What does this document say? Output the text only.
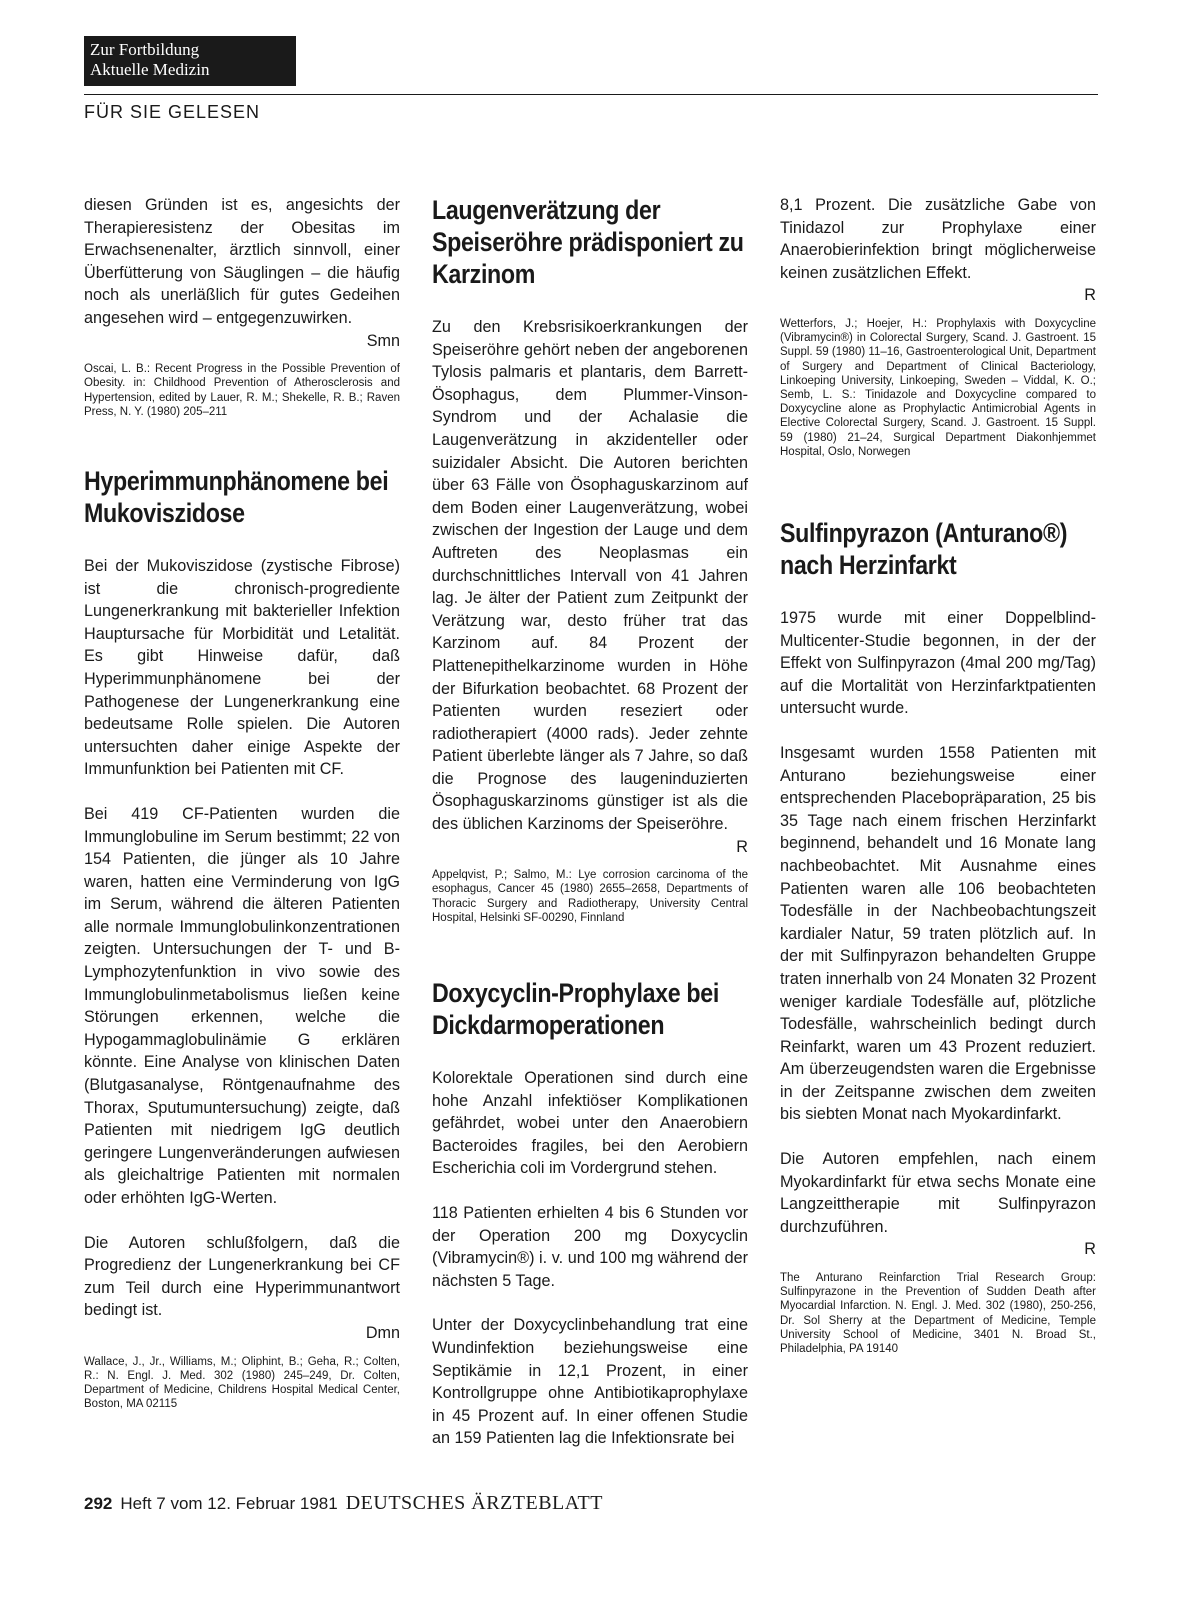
Zur Fortbildung
Aktuelle Medizin
FÜR SIE GELESEN

diesen Gründen ist es, angesichts der Therapieresistenz der Obesitas im Erwachsenenalter, ärztlich sinnvoll, einer Überfütterung von Säuglingen – die häufig noch als unerläßlich für gutes Gedeihen angesehen wird – entgegenzuwirken.
Smn

Oscai, L. B.: Recent Progress in the Possible Prevention of Obesity. in: Childhood Prevention of Atherosclerosis and Hypertension, edited by Lauer, R. M.; Shekelle, R. B.; Raven Press, N. Y. (1980) 205–211

Hyperimmunphänomene bei Mukoviszidose

Bei der Mukoviszidose (zystische Fibrose) ist die chronisch-progrediente Lungenerkrankung mit bakterieller Infektion Hauptursache für Morbidität und Letalität. Es gibt Hinweise dafür, daß Hyperimmunphänomene bei der Pathogenese der Lungenerkrankung eine bedeutsame Rolle spielen. Die Autoren untersuchten daher einige Aspekte der Immunfunktion bei Patienten mit CF.

Bei 419 CF-Patienten wurden die Immunglobuline im Serum bestimmt; 22 von 154 Patienten, die jünger als 10 Jahre waren, hatten eine Verminderung von IgG im Serum, während die älteren Patienten alle normale Immunglobulinkonzentrationen zeigten. Untersuchungen der T- und B-Lymphozytenfunktion in vivo sowie des Immunglobulinmetabolismus ließen keine Störungen erkennen, welche die Hypogammaglobulinämie G erklären könnte. Eine Analyse von klinischen Daten (Blutgasanalyse, Röntgenaufnahme des Thorax, Sputumuntersuchung) zeigte, daß Patienten mit niedrigem IgG deutlich geringere Lungenveränderungen aufwiesen als gleichaltrige Patienten mit normalen oder erhöhten IgG-Werten.

Die Autoren schlußfolgern, daß die Progredienz der Lungenerkrankung bei CF zum Teil durch eine Hyperimmunantwort bedingt ist.
Dmn

Wallace, J., Jr., Williams, M.; Oliphint, B.; Geha, R.; Colten, R.: N. Engl. J. Med. 302 (1980) 245–249, Dr. Colten, Department of Medicine, Childrens Hospital Medical Center, Boston, MA 02115

Laugenverätzung der Speiseröhre prädisponiert zu Karzinom

Zu den Krebsrisikoerkrankungen der Speiseröhre gehört neben der angeborenen Tylosis palmaris et plantaris, dem Barrett-Ösophagus, dem Plummer-Vinson-Syndrom und der Achalasie die Laugenverätzung in akzidenteller oder suizidaler Absicht. Die Autoren berichten über 63 Fälle von Ösophaguskarzinom auf dem Boden einer Laugenverätzung, wobei zwischen der Ingestion der Lauge und dem Auftreten des Neoplasmas ein durchschnittliches Intervall von 41 Jahren lag. Je älter der Patient zum Zeitpunkt der Verätzung war, desto früher trat das Karzinom auf. 84 Prozent der Plattenepithelkarzinome wurden in Höhe der Bifurkation beobachtet. 68 Prozent der Patienten wurden reseziert oder radiotherapiert (4000 rads). Jeder zehnte Patient überlebte länger als 7 Jahre, so daß die Prognose des laugeninduzierten Ösophaguskarzinoms günstiger ist als die des üblichen Karzinoms der Speiseröhre.
R

Appelqvist, P.; Salmo, M.: Lye corrosion carcinoma of the esophagus, Cancer 45 (1980) 2655–2658, Departments of Thoracic Surgery and Radiotherapy, University Central Hospital, Helsinki SF-00290, Finnland

Doxycyclin-Prophylaxe bei Dickdarmoperationen

Kolorektale Operationen sind durch eine hohe Anzahl infektiöser Komplikationen gefährdet, wobei unter den Anaerobiern Bacteroides fragiles, bei den Aerobiern Escherichia coli im Vordergrund stehen.

118 Patienten erhielten 4 bis 6 Stunden vor der Operation 200 mg Doxycyclin (Vibramycin®) i. v. und 100 mg während der nächsten 5 Tage.

Unter der Doxycyclinbehandlung trat eine Wundinfektion beziehungsweise eine Septikämie in 12,1 Prozent, in einer Kontrollgruppe ohne Antibiotikaprophylaxe in 45 Prozent auf. In einer offenen Studie an 159 Patienten lag die Infektionsrate bei

8,1 Prozent. Die zusätzliche Gabe von Tinidazol zur Prophylaxe einer Anaerobierinfektion bringt möglicherweise keinen zusätzlichen Effekt.
R

Wetterfors, J.; Hoejer, H.: Prophylaxis with Doxycycline (Vibramycin®) in Colorectal Surgery, Scand. J. Gastroent. 15 Suppl. 59 (1980) 11–16, Gastroenterological Unit, Department of Surgery and Department of Clinical Bacteriology, Linkoeping University, Linkoeping, Sweden – Viddal, K. O.; Semb, L. S.: Tinidazole and Doxycycline compared to Doxycycline alone as Prophylactic Antimicrobial Agents in Elective Colorectal Surgery, Scand. J. Gastroent. 15 Suppl. 59 (1980) 21–24, Surgical Department Diakonhjemmet Hospital, Oslo, Norwegen

Sulfinpyrazon (Anturano®) nach Herzinfarkt

1975 wurde mit einer Doppelblind-Multicenter-Studie begonnen, in der der Effekt von Sulfinpyrazon (4mal 200 mg/Tag) auf die Mortalität von Herzinfarktpatienten untersucht wurde.

Insgesamt wurden 1558 Patienten mit Anturano beziehungsweise einer entsprechenden Placebopräparation, 25 bis 35 Tage nach einem frischen Herzinfarkt beginnend, behandelt und 16 Monate lang nachbeobachtet. Mit Ausnahme eines Patienten waren alle 106 beobachteten Todesfälle in der Nachbeobachtungszeit kardialer Natur, 59 traten plötzlich auf. In der mit Sulfinpyrazon behandelten Gruppe traten innerhalb von 24 Monaten 32 Prozent weniger kardiale Todesfälle auf, plötzliche Todesfälle, wahrscheinlich bedingt durch Reinfarkt, waren um 43 Prozent reduziert. Am überzeugendsten waren die Ergebnisse in der Zeitspanne zwischen dem zweiten bis siebten Monat nach Myokardinfarkt.

Die Autoren empfehlen, nach einem Myokardinfarkt für etwa sechs Monate eine Langzeittherapie mit Sulfinpyrazon durchzuführen.
R

The Anturano Reinfarction Trial Research Group: Sulfinpyrazone in the Prevention of Sudden Death after Myocardial Infarction. N. Engl. J. Med. 302 (1980), 250-256, Dr. Sol Sherry at the Department of Medicine, Temple University School of Medicine, 3401 N. Broad St., Philadelphia, PA 19140

292 Heft 7 vom 12. Februar 1981 DEUTSCHES ÄRZTEBLATT
